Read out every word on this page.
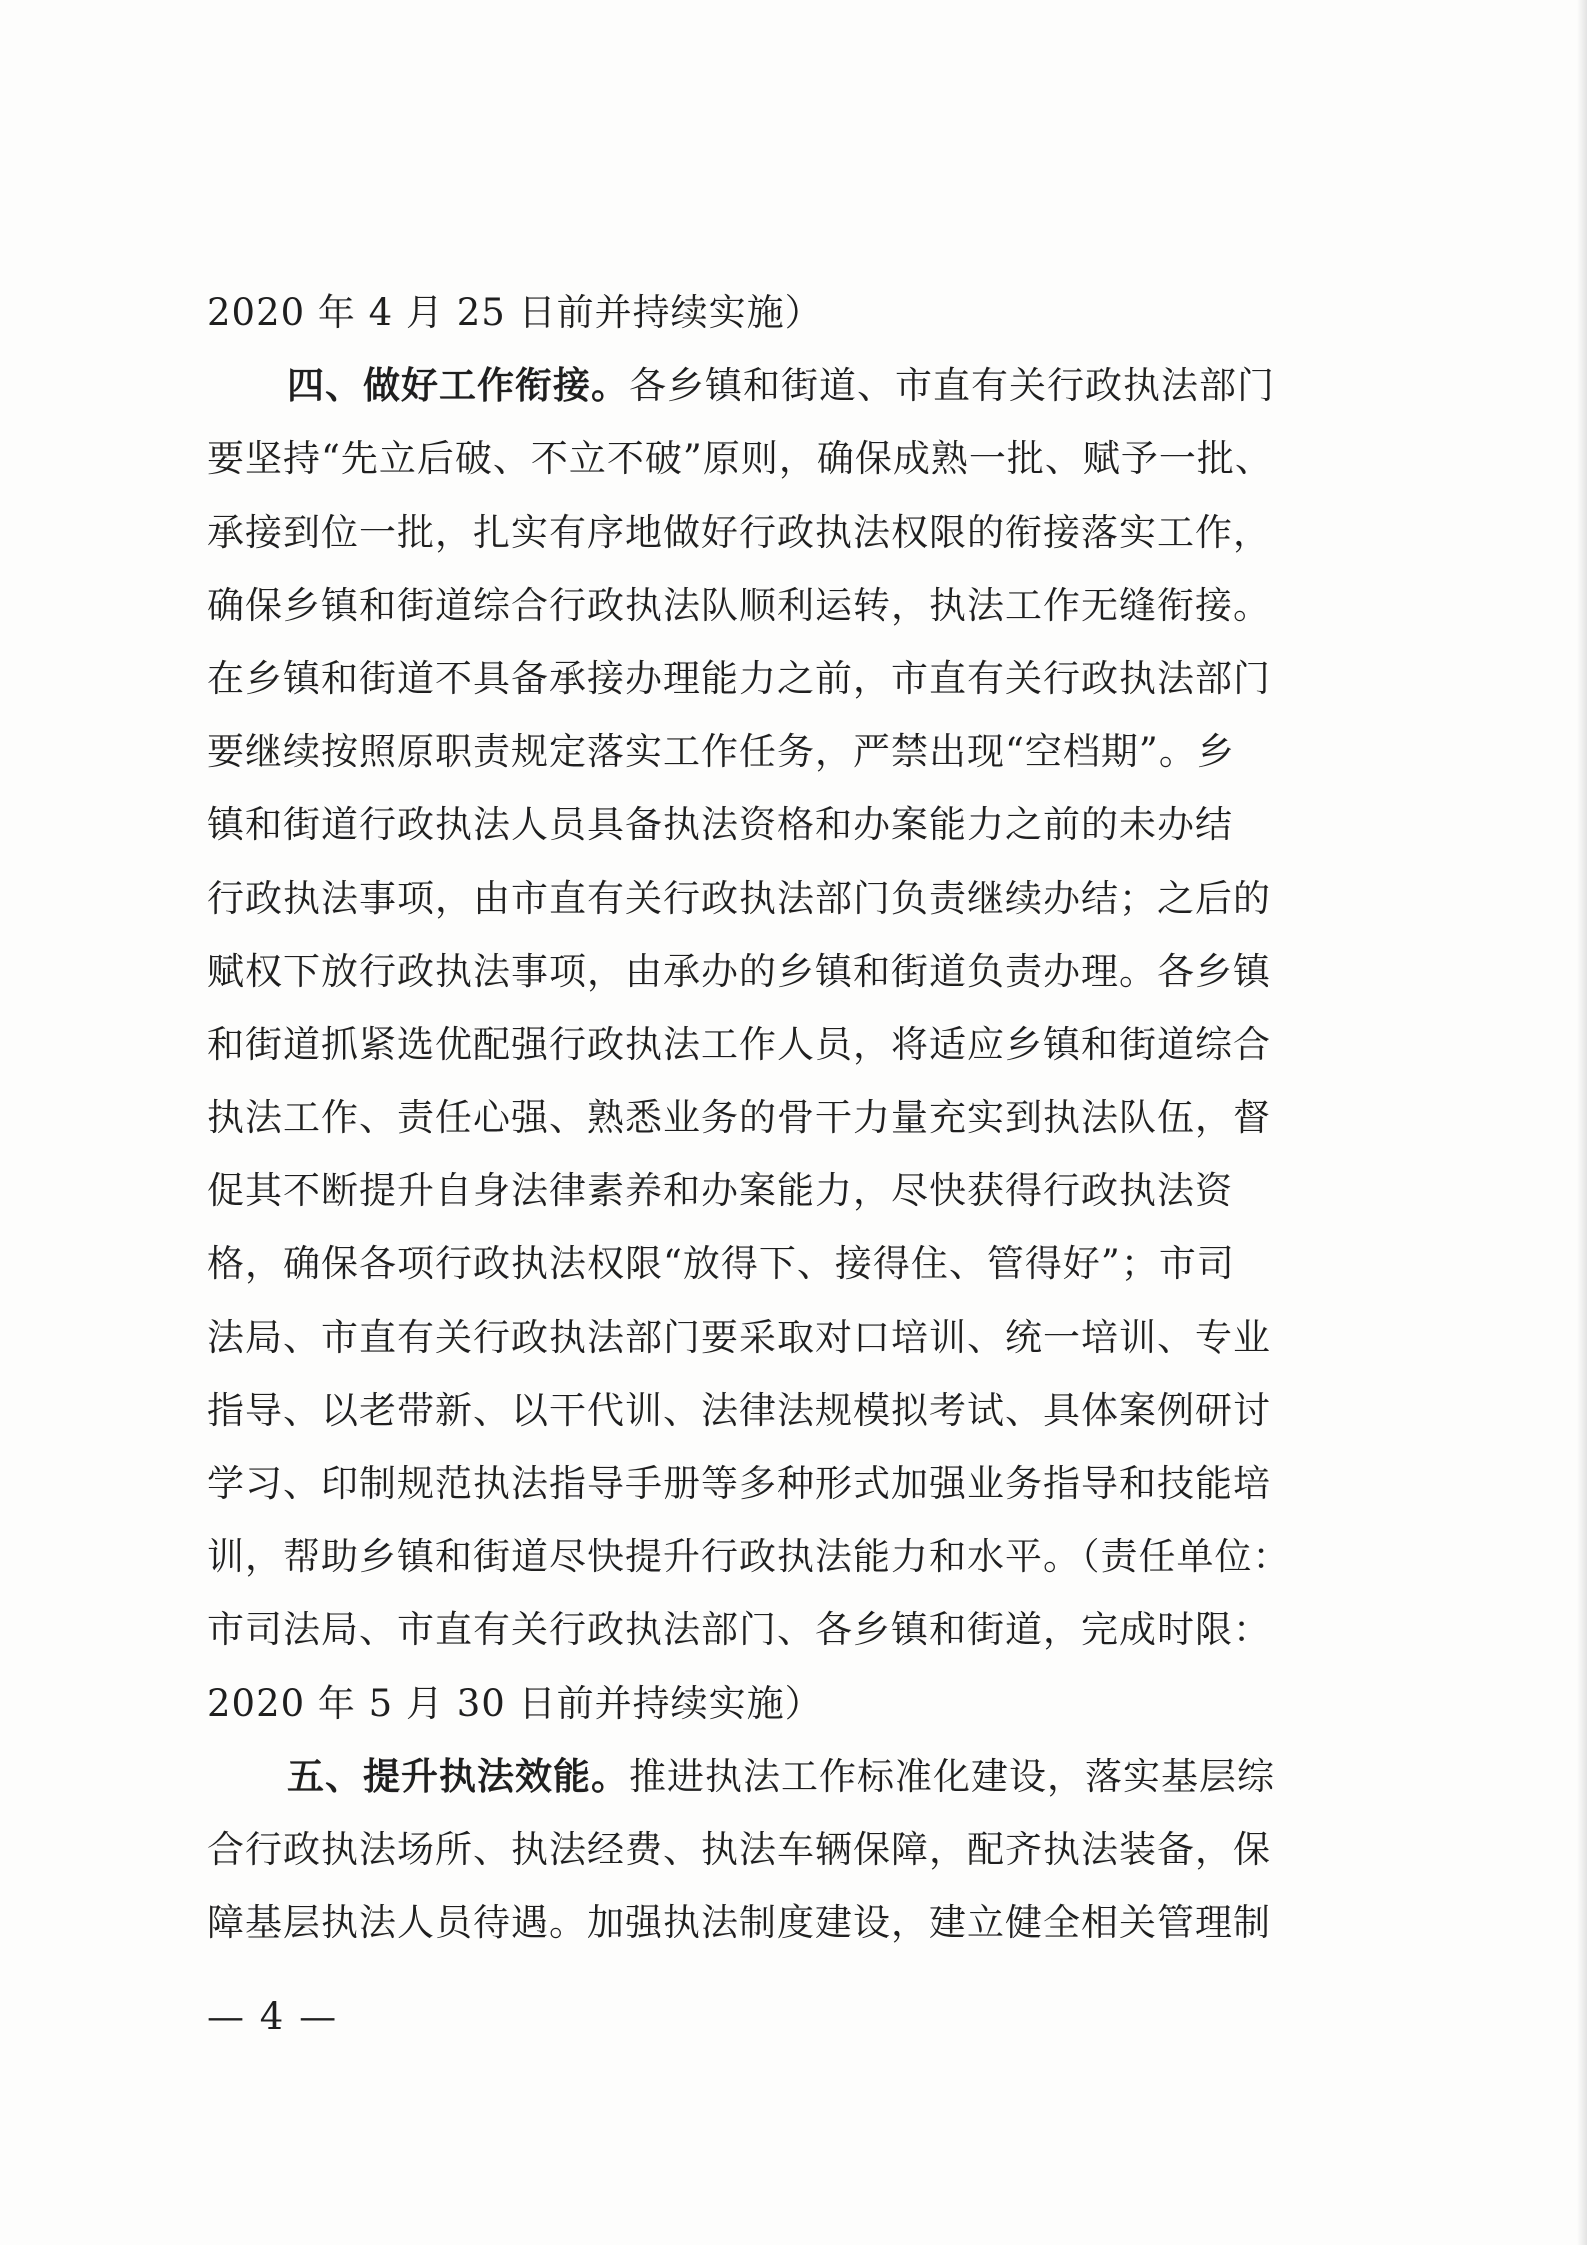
2020 年 4 月 25 日前并持续实施）
四、做好工作衔接。各乡镇和街道、市直有关行政执法部门
要坚持“先立后破、不立不破”原则，确保成熟一批、赋予一批、
承接到位一批，扎实有序地做好行政执法权限的衔接落实工作，
确保乡镇和街道综合行政执法队顺利运转，执法工作无缝衔接。
在乡镇和街道不具备承接办理能力之前，市直有关行政执法部门
要继续按照原职责规定落实工作任务，严禁出现“空档期”。乡
镇和街道行政执法人员具备执法资格和办案能力之前的未办结
行政执法事项，由市直有关行政执法部门负责继续办结；之后的
赋权下放行政执法事项，由承办的乡镇和街道负责办理。各乡镇
和街道抓紧选优配强行政执法工作人员，将适应乡镇和街道综合
执法工作、责任心强、熟悉业务的骨干力量充实到执法队伍，督
促其不断提升自身法律素养和办案能力，尽快获得行政执法资
格，确保各项行政执法权限“放得下、接得住、管得好”；市司
法局、市直有关行政执法部门要采取对口培训、统一培训、专业
指导、以老带新、以干代训、法律法规模拟考试、具体案例研讨
学习、印制规范执法指导手册等多种形式加强业务指导和技能培
训，帮助乡镇和街道尽快提升行政执法能力和水平。（责任单位：
市司法局、市直有关行政执法部门、各乡镇和街道，完成时限：
2020 年 5 月 30 日前并持续实施）
五、提升执法效能。推进执法工作标准化建设，落实基层综
合行政执法场所、执法经费、执法车辆保障，配齐执法装备，保
障基层执法人员待遇。加强执法制度建设，建立健全相关管理制
— 4 —
